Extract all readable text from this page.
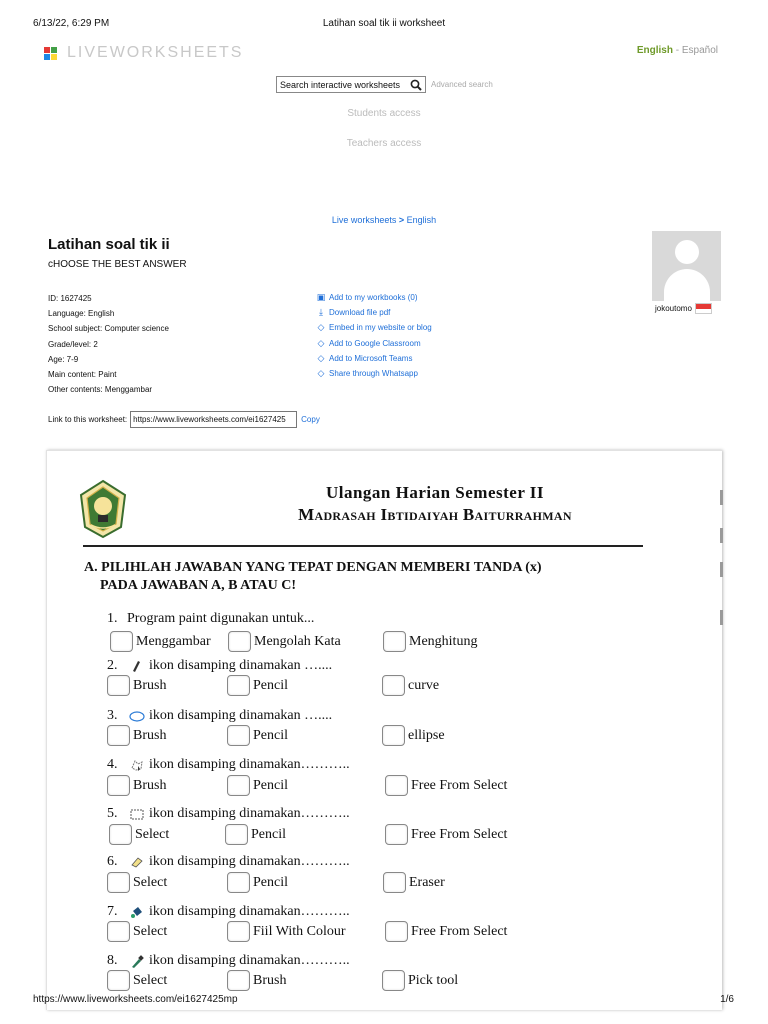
6/13/22, 6:29 PM	Latihan soal tik ii worksheet
LIVEWORKSHEETS	English - Español
Search interactive worksheets	Advanced search
Students access
Teachers access
Live worksheets > English
Latihan soal tik ii
cHOOSE THE BEST ANSWER
ID: 1627425
Language: English
School subject: Computer science
Grade/level: 2
Age: 7-9
Main content: Paint
Other contents: Menggambar
▣ Add to my workbooks (0)
⤓ Download file pdf
◇ Embed in my website or blog
◇ Add to Google Classroom
◇ Add to Microsoft Teams
◇ Share through Whatsapp
jokoutomo
Link to this worksheet:
https://www.liveworksheets.com/ei1627425	Copy
Ulangan Harian Semester II
Madrasah Ibtidaiyah Baiturrahman
A. PILIHLAH JAWABAN YANG TEPAT DENGAN MEMBERI TANDA (x)
PADA JAWABAN A, B ATAU C!
1. Program paint digunakan untuk...
Menggambar	Mengolah Kata	Menghitung
2.	ikon disamping dinamakan …....
Brush	Pencil	curve
3.	ikon disamping dinamakan …....
Brush	Pencil	ellipse
4.	ikon disamping dinamakan………..
Brush	Pencil	Free From Select
5.	ikon disamping dinamakan………..
Select	Pencil	Free From Select
6.	ikon disamping dinamakan………..
Select	Pencil	Eraser
7.	ikon disamping dinamakan………..
Select	Fiil With Colour	Free From Select
8.	ikon disamping dinamakan………..
Select	Brush	Pick tool
https://www.liveworksheets.com/ei1627425mp	1/6
